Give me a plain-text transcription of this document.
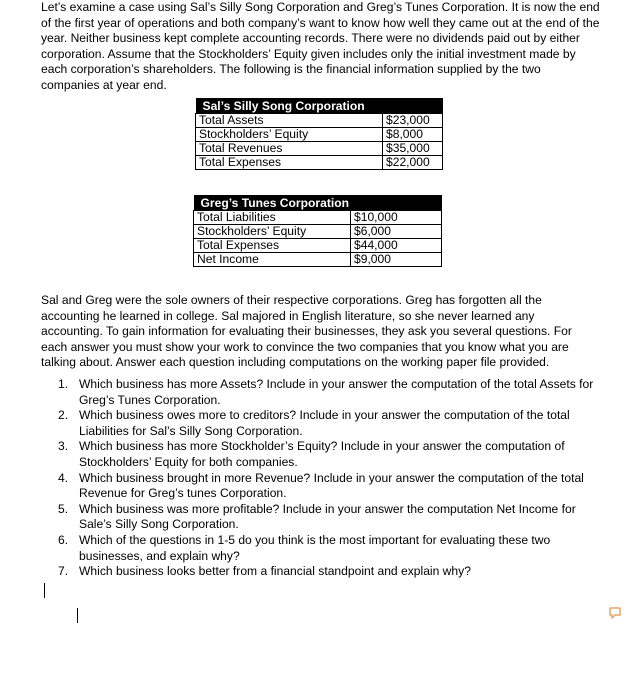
Let’s examine a case using Sal’s Silly Song Corporation and Greg’s Tunes Corporation. It is now the end of the first year of operations and both company’s want to know how well they came out at the end of the year. Neither business kept complete accounting records. There were no dividends paid out by either corporation. Assume that the Stockholders’ Equity given includes only the initial investment made by each corporation’s shareholders. The following is the financial information supplied by the two companies at year end.

Sal’s Silly Song Corporation	
Total Assets	$23,000
Stockholders’ Equity	$8,000
Total Revenues	$35,000
Total Expenses	$22,000
Greg’s Tunes Corporation	
Total Liabilities	$10,000
Stockholders’ Equity	$6,000
Total Expenses	$44,000
Net Income	$9,000

Sal and Greg were the sole owners of their respective corporations. Greg has forgotten all the accounting he learned in college. Sal majored in English literature, so she never learned any accounting. To gain information for evaluating their businesses, they ask you several questions. For each answer you must show your work to convince the two companies that you know what you are talking about. Answer each question including computations on the working paper file provided.

1. Which business has more Assets? Include in your answer the computation of the total Assets for Greg’s Tunes Corporation.
2. Which business owes more to creditors? Include in your answer the computation of the total Liabilities for Sal’s Silly Song Corporation.
3. Which business has more Stockholder’s Equity? Include in your answer the computation of Stockholders’ Equity for both companies.
4. Which business brought in more Revenue? Include in your answer the computation of the total Revenue for Greg’s tunes Corporation.
5. Which business was more profitable? Include in your answer the computation Net Income for Sale’s Silly Song Corporation.
6. Which of the questions in 1-5 do you think is the most important for evaluating these two businesses, and explain why?
7. Which business looks better from a financial standpoint and explain why?
